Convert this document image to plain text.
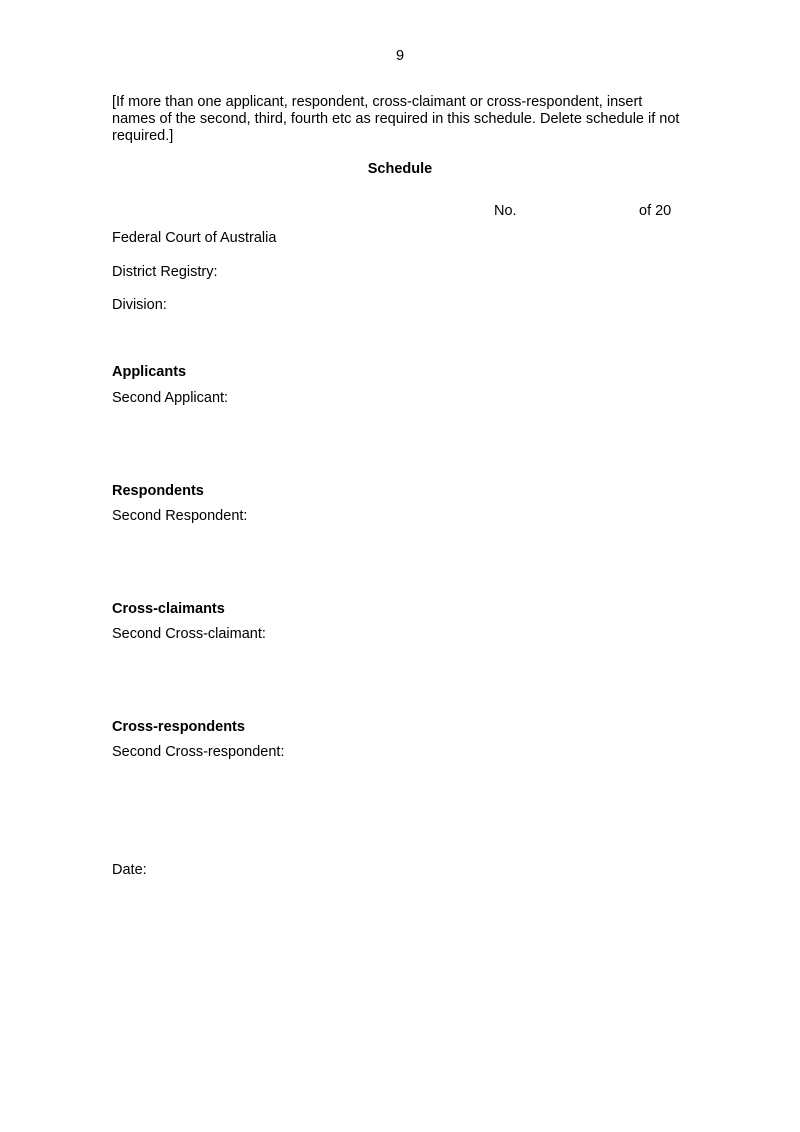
9
[If more than one applicant, respondent, cross-claimant or cross-respondent, insert names of the second, third, fourth etc as required in this schedule. Delete schedule if not required.]
Schedule
No.	of 20
Federal Court of Australia
District Registry:
Division:
Applicants
Second Applicant:
Respondents
Second Respondent:
Cross-claimants
Second Cross-claimant:
Cross-respondents
Second Cross-respondent:
Date:
